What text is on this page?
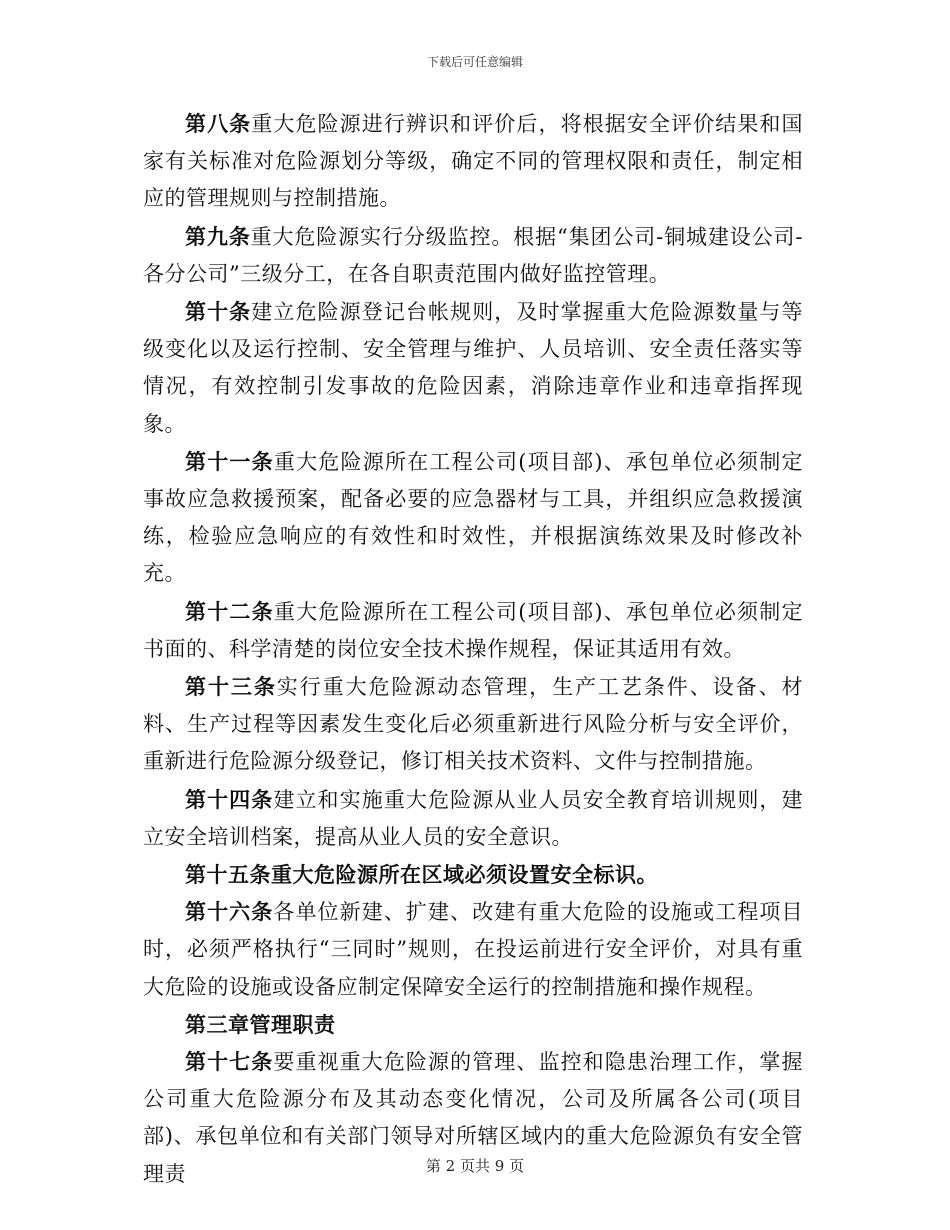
下载后可任意编辑

第八条重大危险源进行辨识和评价后，将根据安全评价结果和国家有关标准对危险源划分等级，确定不同的管理权限和责任，制定相应的管理规则与控制措施。

第九条重大危险源实行分级监控。根据“集团公司-铜城建设公司-各分公司”三级分工，在各自职责范围内做好监控管理。

第十条建立危险源登记台帐规则，及时掌握重大危险源数量与等级变化以及运行控制、安全管理与维护、人员培训、安全责任落实等情况，有效控制引发事故的危险因素，消除违章作业和违章指挥现象。

第十一条重大危险源所在工程公司(项目部)、承包单位必须制定事故应急救援预案，配备必要的应急器材与工具，并组织应急救援演练，检验应急响应的有效性和时效性，并根据演练效果及时修改补充。

第十二条重大危险源所在工程公司(项目部)、承包单位必须制定书面的、科学清楚的岗位安全技术操作规程，保证其适用有效。

第十三条实行重大危险源动态管理，生产工艺条件、设备、材料、生产过程等因素发生变化后必须重新进行风险分析与安全评价，重新进行危险源分级登记，修订相关技术资料、文件与控制措施。

第十四条建立和实施重大危险源从业人员安全教育培训规则，建立安全培训档案，提高从业人员的安全意识。

第十五条重大危险源所在区域必须设置安全标识。

第十六条各单位新建、扩建、改建有重大危险的设施或工程项目时，必须严格执行“三同时”规则，在投运前进行安全评价，对具有重大危险的设施或设备应制定保障安全运行的控制措施和操作规程。

第三章管理职责

第十七条要重视重大危险源的管理、监控和隐患治理工作，掌握公司重大危险源分布及其动态变化情况，公司及所属各公司(项目部)、承包单位和有关部门领导对所辖区域内的重大危险源负有安全管理责	第 2 页共 9 页
